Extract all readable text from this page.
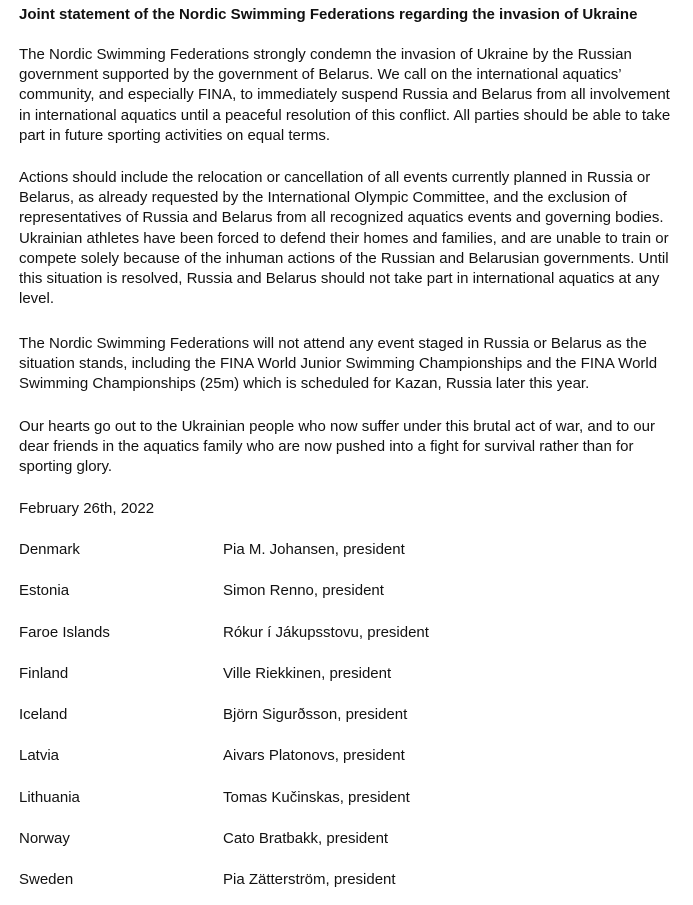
Joint statement of the Nordic Swimming Federations regarding the invasion of Ukraine

The Nordic Swimming Federations strongly condemn the invasion of Ukraine by the Russian government supported by the government of Belarus. We call on the international aquatics’ community, and especially FINA, to immediately suspend Russia and Belarus from all involvement in international aquatics until a peaceful resolution of this conflict. All parties should be able to take part in future sporting activities on equal terms.

Actions should include the relocation or cancellation of all events currently planned in Russia or Belarus, as already requested by the International Olympic Committee, and the exclusion of representatives of Russia and Belarus from all recognized aquatics events and governing bodies. Ukrainian athletes have been forced to defend their homes and families, and are unable to train or compete solely because of the inhuman actions of the Russian and Belarusian governments. Until this situation is resolved, Russia and Belarus should not take part in international aquatics at any level.

The Nordic Swimming Federations will not attend any event staged in Russia or Belarus as the situation stands, including the FINA World Junior Swimming Championships and the FINA World Swimming Championships (25m) which is scheduled for Kazan, Russia later this year.

Our hearts go out to the Ukrainian people who now suffer under this brutal act of war, and to our dear friends in the aquatics family who are now pushed into a fight for survival rather than for sporting glory.

February 26th, 2022
Denmark	Pia M. Johansen, president
Estonia	Simon Renno, president
Faroe Islands	Rókur í Jákupsstovu, president
Finland	Ville Riekkinen, president
Iceland	Björn Sigurðsson, president
Latvia	Aivars Platonovs, president
Lithuania	Tomas Kučinskas, president
Norway	Cato Bratbakk, president
Sweden	Pia Zätterström, president
